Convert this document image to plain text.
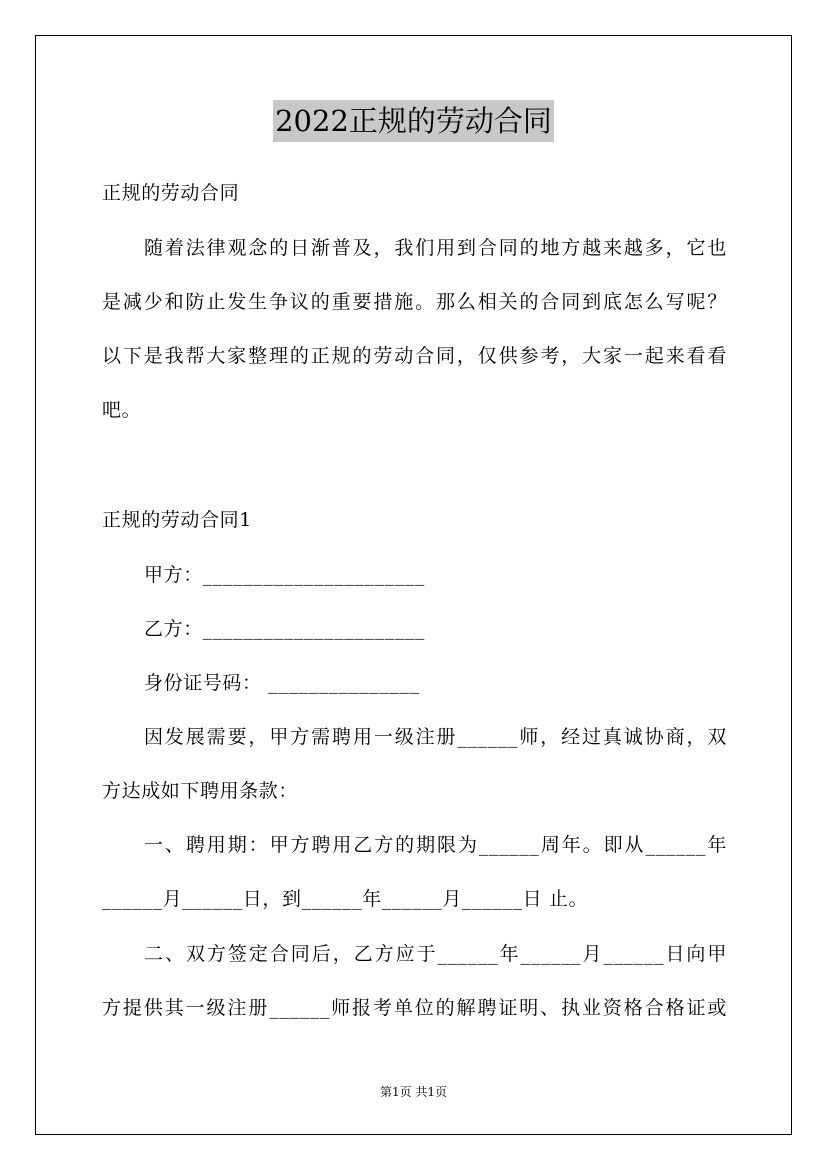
2022正规的劳动合同
正规的劳动合同
随着法律观念的日渐普及，我们用到合同的地方越来越多，它也
是减少和防止发生争议的重要措施。那么相关的合同到底怎么写呢？
以下是我帮大家整理的正规的劳动合同，仅供参考，大家一起来看看
吧。
正规的劳动合同1
甲方：______________________
乙方：______________________
身份证号码： _______________
因发展需要，甲方需聘用一级注册______师，经过真诚协商，双
方达成如下聘用条款：
一、聘用期：甲方聘用乙方的期限为______周年。即从______年
______月______日，到______年______月______日 止。
二、双方签定合同后，乙方应于______年______月______日向甲
方提供其一级注册______师报考单位的解聘证明、执业资格合格证或
第1页 共1页
